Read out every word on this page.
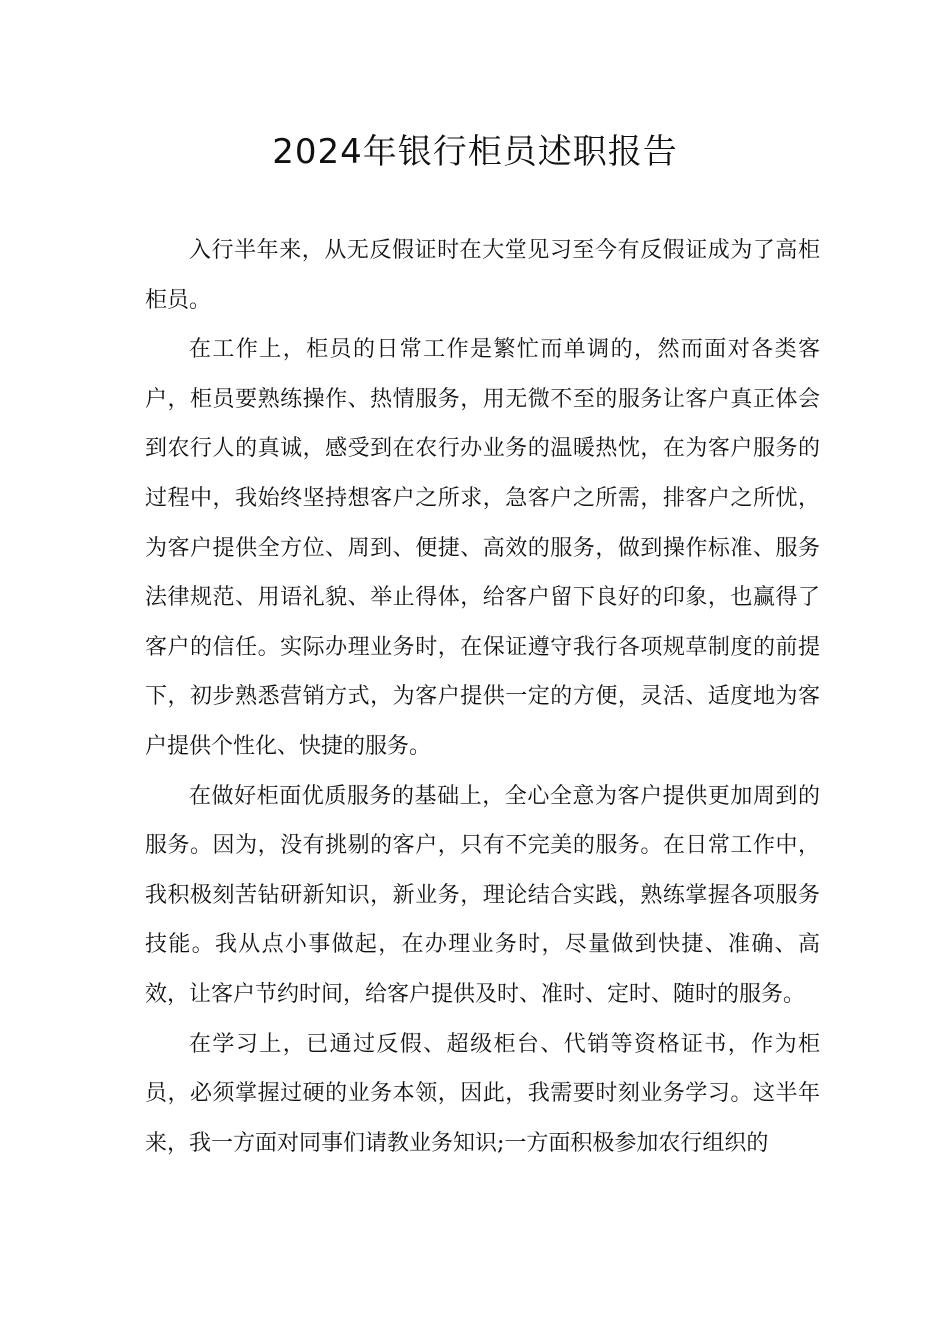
2024年银行柜员述职报告

入行半年来，从无反假证时在大堂见习至今有反假证成为了高柜柜员。

在工作上，柜员的日常工作是繁忙而单调的，然而面对各类客户，柜员要熟练操作、热情服务，用无微不至的服务让客户真正体会到农行人的真诚，感受到在农行办业务的温暖热忱，在为客户服务的过程中，我始终坚持想客户之所求，急客户之所需，排客户之所忧，为客户提供全方位、周到、便捷、高效的服务，做到操作标准、服务法律规范、用语礼貌、举止得体，给客户留下良好的印象，也赢得了客户的信任。实际办理业务时，在保证遵守我行各项规草制度的前提下，初步熟悉营销方式，为客户提供一定的方便，灵活、适度地为客户提供个性化、快捷的服务。

在做好柜面优质服务的基础上，全心全意为客户提供更加周到的服务。因为，没有挑剔的客户，只有不完美的服务。在日常工作中，我积极刻苦钻研新知识，新业务，理论结合实践，熟练掌握各项服务技能。我从点小事做起，在办理业务时，尽量做到快捷、准确、高效，让客户节约时间，给客户提供及时、准时、定时、随时的服务。

在学习上，已通过反假、超级柜台、代销等资格证书，作为柜员，必须掌握过硬的业务本领，因此，我需要时刻业务学习。这半年来，我一方面对同事们请教业务知识;一方面积极参加农行组织的
